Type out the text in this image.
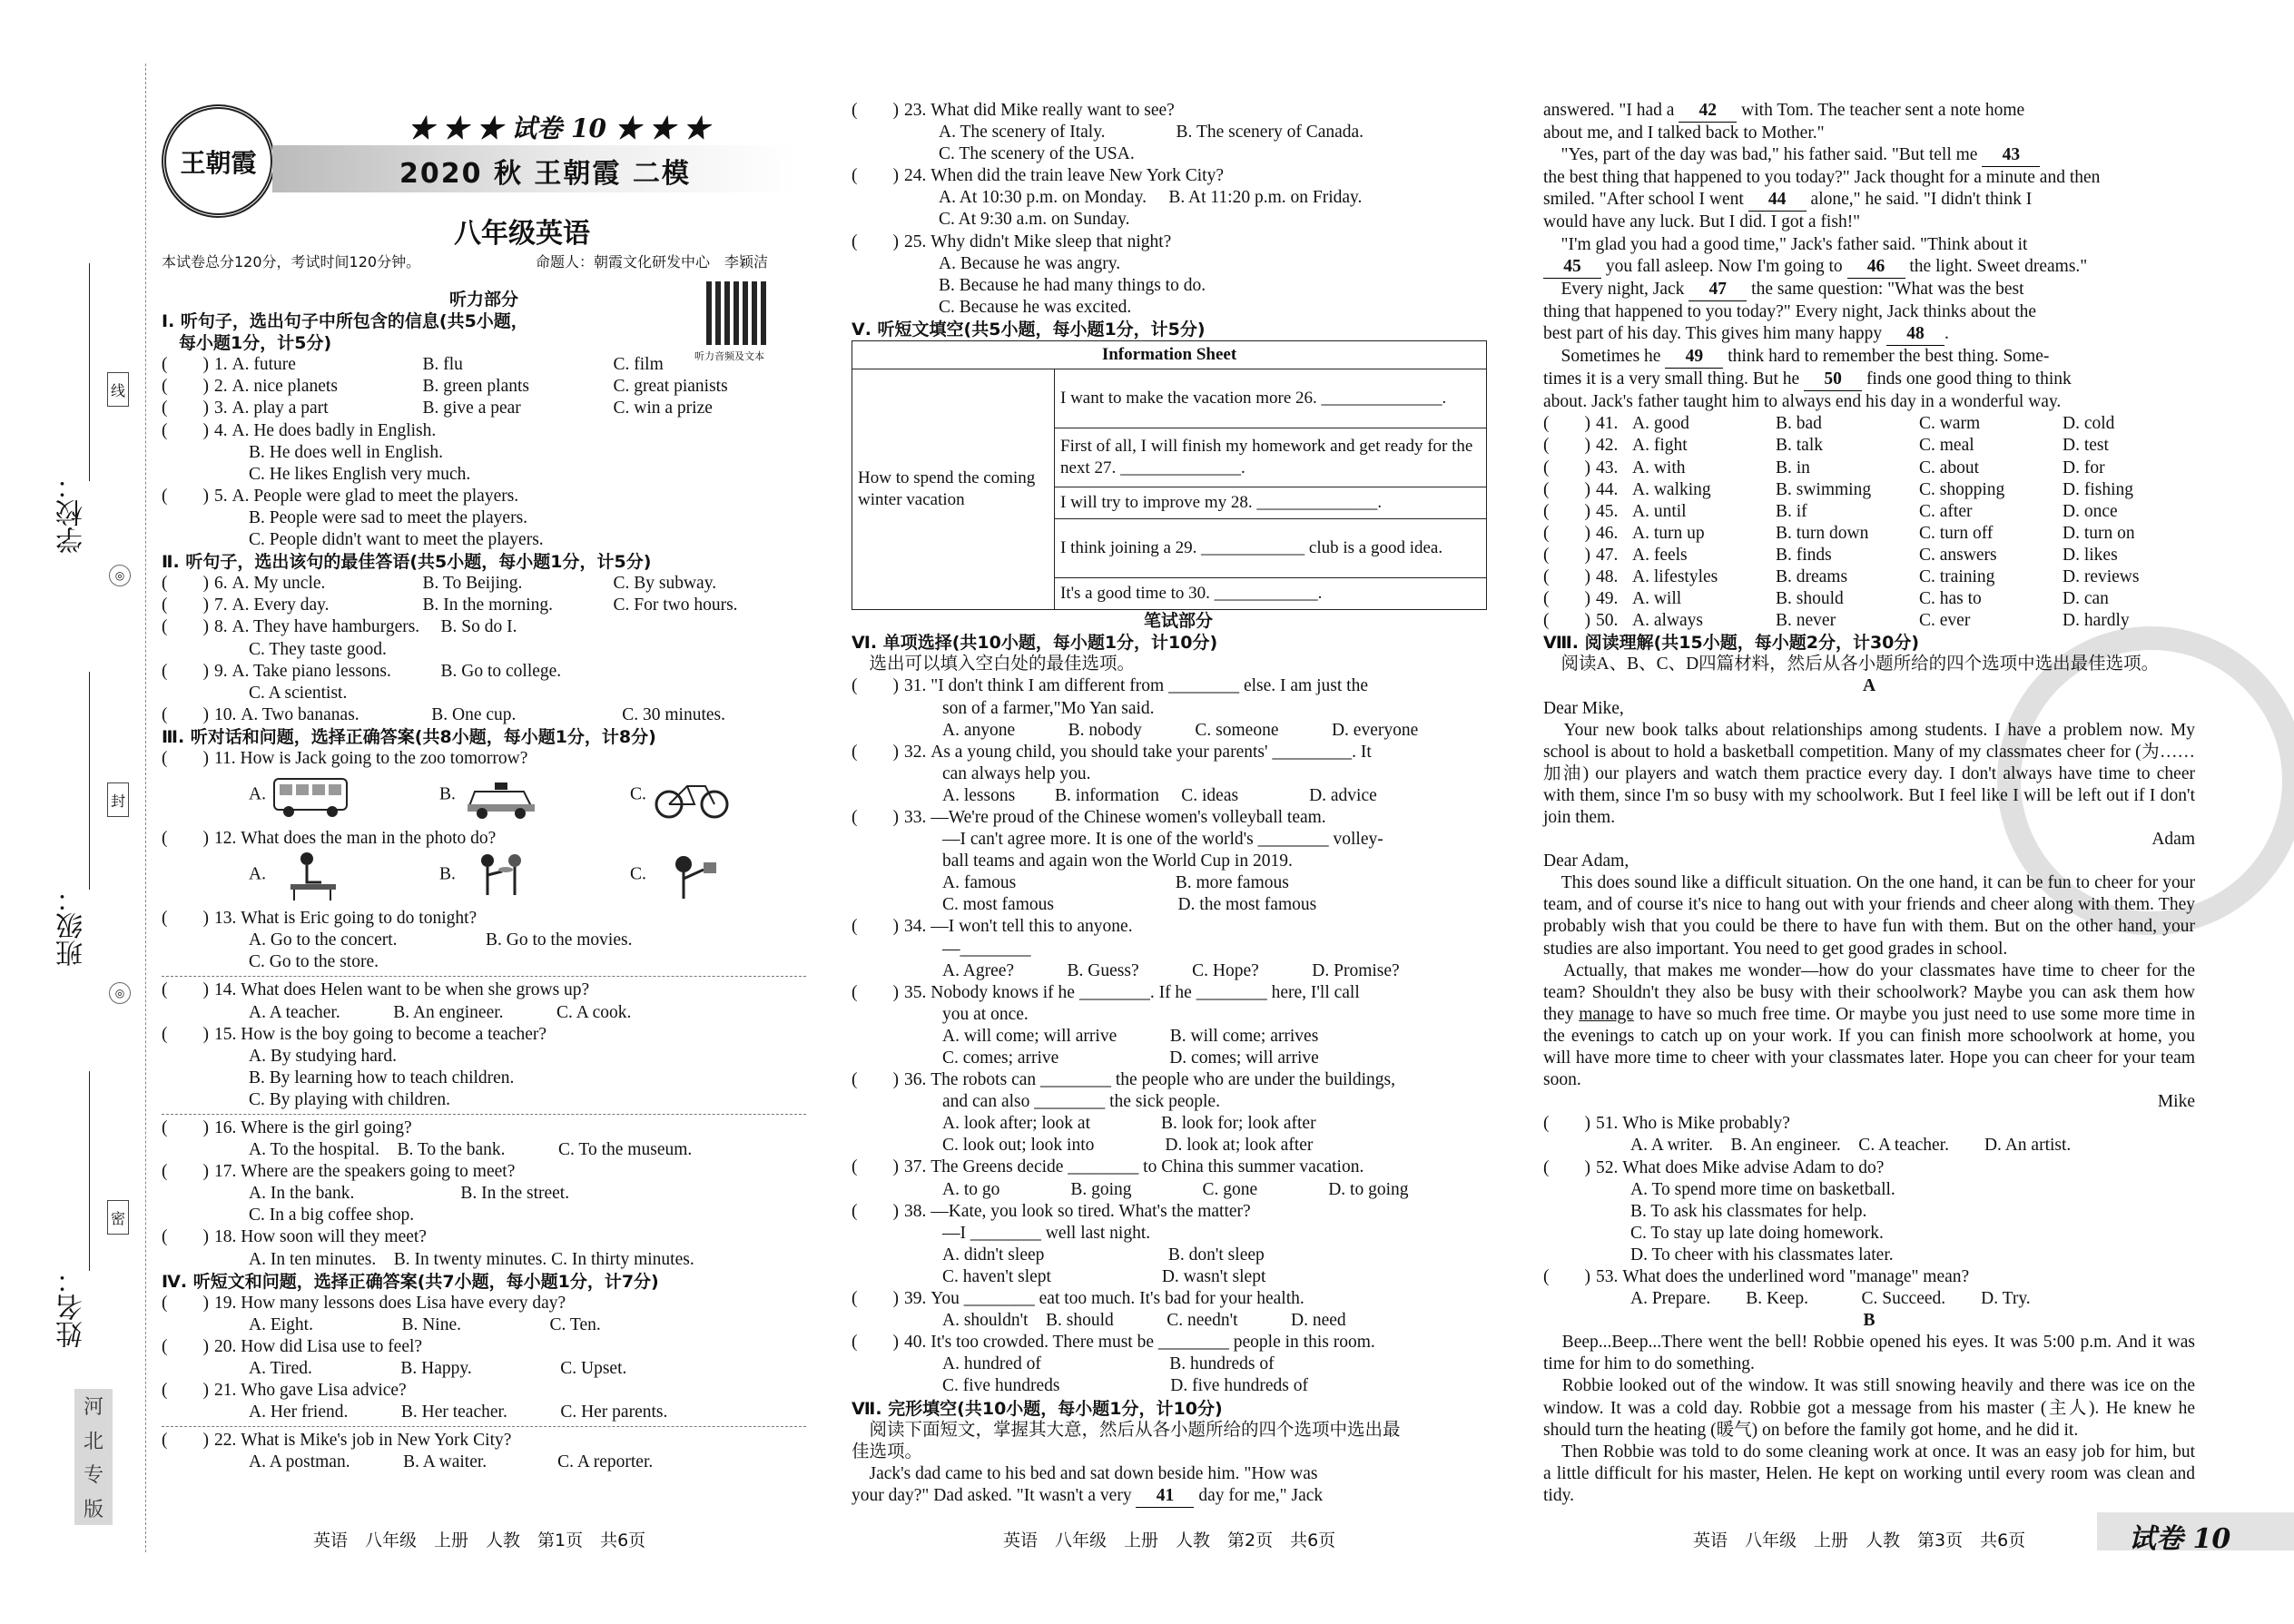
学校：
班级：
姓名：
线
◎
封
◎
密
河
北
专
版
王朝霞
★ ★ ★ 试卷 10 ★ ★ ★
2020 秋 王朝霞 二模
八年级英语
本试卷总分120分，考试时间120分钟。	命题人：朝霞文化研发中心　李颖洁
听力音频及文本
听力部分
Ⅰ. 听句子，选出句子中所包含的信息(共5小题，
　每小题1分，计5分)
(　　) 1. A. future	B. flu	C. film
(　　) 2. A. nice planets	B. green plants	C. great pianists
(　　) 3. A. play a part	B. give a pear	C. win a prize
(　　) 4. A. He does badly in English.
B. He does well in English.
C. He likes English very much.
(　　) 5. A. People were glad to meet the players.
B. People were sad to meet the players.
C. People didn't want to meet the players.
Ⅱ. 听句子，选出该句的最佳答语(共5小题，每小题1分，计5分)
(　　) 6. A. My uncle.	B. To Beijing.	C. By subway.
(　　) 7. A. Every day.	B. In the morning.	C. For two hours.
(　　) 8. A. They have hamburgers. B. So do I.
C. They taste good.
(　　) 9. A. Take piano lessons.	B. Go to college.
C. A scientist.
(　　) 10. A. Two bananas.	B. One cup.	C. 30 minutes.
Ⅲ. 听对话和问题，选择正确答案(共8小题，每小题1分，计8分)
(　　) 11. How is Jack going to the zoo tomorrow?
A.	B.	C.
(　　) 12. What does the man in the photo do?
A.	B.	C.
(　　) 13. What is Eric going to do tonight?
A. Go to the concert.　　　　　B. Go to the movies.
C. Go to the store.
(　　) 14. What does Helen want to be when she grows up?
A. A teacher.　　　B. An engineer.　　　C. A cook.
(　　) 15. How is the boy going to become a teacher?
A. By studying hard.
B. By learning how to teach children.
C. By playing with children.
(　　) 16. Where is the girl going?
A. To the hospital.　B. To the bank.　　　C. To the museum.
(　　) 17. Where are the speakers going to meet?
A. In the bank.　　　　　　B. In the street.
C. In a big coffee shop.
(　　) 18. How soon will they meet?
A. In ten minutes.　B. In twenty minutes. C. In thirty minutes.
Ⅳ. 听短文和问题，选择正确答案(共7小题，每小题1分，计7分)
(　　) 19. How many lessons does Lisa have every day?
A. Eight.　　　　　B. Nine.　　　　　C. Ten.
(　　) 20. How did Lisa use to feel?
A. Tired.　　　　　B. Happy.　　　　　C. Upset.
(　　) 21. Who gave Lisa advice?
A. Her friend.　　　B. Her teacher.　　　C. Her parents.
(　　) 22. What is Mike's job in New York City?
A. A postman.　　　B. A waiter.　　　　C. A reporter.
(　　) 23. What did Mike really want to see?
A. The scenery of Italy.　　　　B. The scenery of Canada.
C. The scenery of the USA.
(　　) 24. When did the train leave New York City?
A. At 10:30 p.m. on Monday.　 B. At 11:20 p.m. on Friday.
C. At 9:30 a.m. on Sunday.
(　　) 25. Why didn't Mike sleep that night?
A. Because he was angry.
B. Because he had many things to do.
C. Because he was excited.
Ⅴ. 听短文填空(共5小题，每小题1分，计5分)
Information Sheet
How to spend the coming winter vacation	I want to make the vacation more 26. ______________.
First of all, I will finish my homework and get ready for the next 27. ______________.
I will try to improve my 28. ______________.
I think joining a 29. ____________ club is a good idea.
It's a good time to 30. ____________.
笔试部分
Ⅵ. 单项选择(共10小题，每小题1分，计10分)
　选出可以填入空白处的最佳选项。
(　　) 31. "I don't think I am different from ________ else. I am just the
son of a farmer,"Mo Yan said.
A. anyone　　　B. nobody　　　C. someone　　　D. everyone
(　　) 32. As a young child, you should take your parents' _________. It
can always help you.
A. lessons　　 B. information　 C. ideas　　　　D. advice
(　　) 33. —We're proud of the Chinese women's volleyball team.
—I can't agree more. It is one of the world's ________ volley-
ball teams and again won the World Cup in 2019.
A. famous　　　　　　　　　B. more famous
C. most famous　　　　　　　D. the most famous
(　　) 34. —I won't tell this to anyone.
—________
A. Agree?　　　B. Guess?　　　C. Hope?　　　D. Promise?
(　　) 35. Nobody knows if he ________. If he ________ here, I'll call
you at once.
A. will come; will arrive　　　B. will come; arrives
C. comes; arrive　　　　　　 D. comes; will arrive
(　　) 36. The robots can ________ the people who are under the buildings,
and can also ________ the sick people.
A. look after; look at　　　　B. look for; look after
C. look out; look into　　　　D. look at; look after
(　　) 37. The Greens decide ________ to China this summer vacation.
A. to go　　　　B. going　　　　C. gone　　　　D. to going
(　　) 38. —Kate, you look so tired. What's the matter?
—I ________ well last night.
A. didn't sleep　　　　　　　B. don't sleep
C. haven't slept　　　　　　 D. wasn't slept
(　　) 39. You ________ eat too much. It's bad for your health.
A. shouldn't　B. should　　　C. needn't　　　D. need
(　　) 40. It's too crowded. There must be ________ people in this room.
A. hundred of　　　　　　　 B. hundreds of
C. five hundreds　　　　　　 D. five hundreds of
Ⅶ. 完形填空(共10小题，每小题1分，计10分)
　阅读下面短文，掌握其大意，然后从各小题所给的四个选项中选出最
佳选项。
　Jack's dad came to his bed and sat down beside him. "How was
your day?" Dad asked. "It wasn't a very 41 day for me," Jack
answered. "I had a 42 with Tom. The teacher sent a note home
about me, and I talked back to Mother."
　"Yes, part of the day was bad," his father said. "But tell me 43
the best thing that happened to you today?" Jack thought for a minute and then
smiled. "After school I went 44 alone," he said. "I didn't think I
would have any luck. But I did. I got a fish!"
　"I'm glad you had a good time," Jack's father said. "Think about it
45 you fall asleep. Now I'm going to 46 the light. Sweet dreams."
　Every night, Jack 47 the same question: "What was the best
thing that happened to you today?" Every night, Jack thinks about the
best part of his day. This gives him many happy 48 .
　Sometimes he 49 think hard to remember the best thing. Some-
times it is a very small thing. But he 50 finds one good thing to think
about. Jack's father taught him to always end his day in a wonderful way.
(　　) 41. A. good	B. bad	C. warm	D. cold
(　　) 42. A. fight	B. talk	C. meal	D. test
(　　) 43. A. with	B. in	C. about	D. for
(　　) 44. A. walking	B. swimming	C. shopping	D. fishing
(　　) 45. A. until	B. if	C. after	D. once
(　　) 46. A. turn up	B. turn down	C. turn off	D. turn on
(　　) 47. A. feels	B. finds	C. answers	D. likes
(　　) 48. A. lifestyles	B. dreams	C. training	D. reviews
(　　) 49. A. will	B. should	C. has to	D. can
(　　) 50. A. always	B. never	C. ever	D. hardly
Ⅷ. 阅读理解(共15小题，每小题2分，计30分)
　阅读A、B、C、D四篇材料，然后从各小题所给的四个选项中选出最佳选项。
A
Dear Mike,
　Your new book talks about relationships among students. I have a problem now. My school is about to hold a basketball competition. Many of my classmates cheer for (为……加油) our players and watch them practice every day. I don't always have time to cheer with them, since I'm so busy with my schoolwork. But I feel like I will be left out if I don't join them.
Adam
Dear Adam,
　This does sound like a difficult situation. On the one hand, it can be fun to cheer for your team, and of course it's nice to hang out with your friends and cheer along with them. They probably wish that you could be there to have fun with them. But on the other hand, your studies are also important. You need to get good grades in school.
　Actually, that makes me wonder—how do your classmates have time to cheer for the team? Shouldn't they also be busy with their schoolwork? Maybe you can ask them how they manage to have so much free time. Or maybe you just need to use some more time in the evenings to catch up on your work. If you can finish more schoolwork at home, you will have more time to cheer with your classmates later. Hope you can cheer for your team soon.
Mike
(　　) 51. Who is Mike probably?
A. A writer.　B. An engineer.　C. A teacher.　　D. An artist.
(　　) 52. What does Mike advise Adam to do?
A. To spend more time on basketball.
B. To ask his classmates for help.
C. To stay up late doing homework.
D. To cheer with his classmates later.
(　　) 53. What does the underlined word "manage" mean?
A. Prepare.　　B. Keep.　　　C. Succeed.　　D. Try.
B
　Beep...Beep...There went the bell! Robbie opened his eyes. It was 5:00 p.m. And it was time for him to do something.
　Robbie looked out of the window. It was still snowing heavily and there was ice on the window. It was a cold day. Robbie got a message from his master (主人). He knew he should turn the heating (暖气) on before the family got home, and he did it.
　Then Robbie was told to do some cleaning work at once. It was an easy job for him, but a little difficult for his master, Helen. He kept on working until every room was clean and tidy.
英语　八年级　上册　人教　第1页　共6页	英语　八年级　上册　人教　第2页　共6页	英语　八年级　上册　人教　第3页　共6页	试卷 10
